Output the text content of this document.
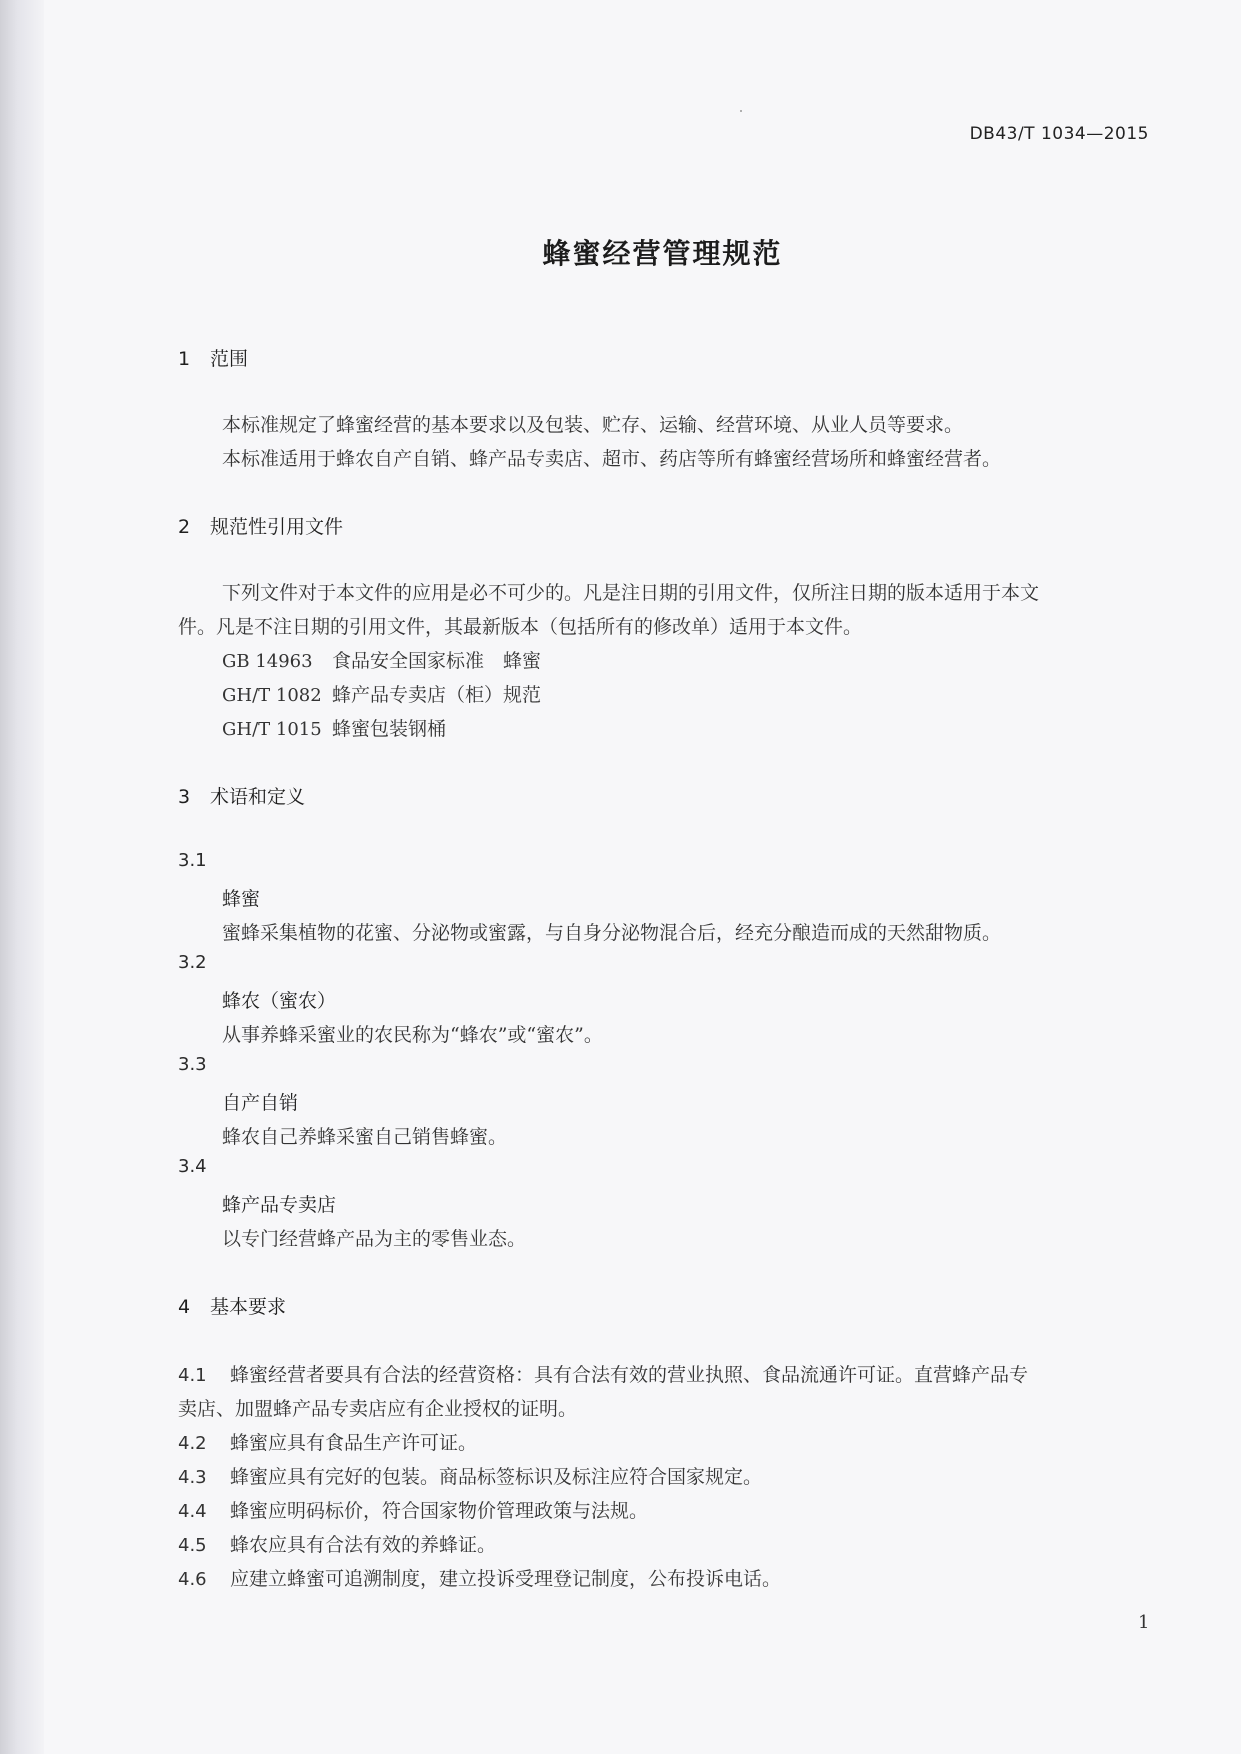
DB43/T 1034—2015
蜂蜜经营管理规范
1 范围
本标准规定了蜂蜜经营的基本要求以及包装、贮存、运输、经营环境、从业人员等要求。
本标准适用于蜂农自产自销、蜂产品专卖店、超市、药店等所有蜂蜜经营场所和蜂蜜经营者。
2 规范性引用文件
下列文件对于本文件的应用是必不可少的。凡是注日期的引用文件，仅所注日期的版本适用于本文
件。凡是不注日期的引用文件，其最新版本（包括所有的修改单）适用于本文件。
GB 14963 食品安全国家标准　蜂蜜
GH/T 1082 蜂产品专卖店（柜）规范
GH/T 1015 蜂蜜包装钢桶
3 术语和定义
3.1
蜂蜜
蜜蜂采集植物的花蜜、分泌物或蜜露，与自身分泌物混合后，经充分酿造而成的天然甜物质。
3.2
蜂农（蜜农）
从事养蜂采蜜业的农民称为“蜂农”或“蜜农”。
3.3
自产自销
蜂农自己养蜂采蜜自己销售蜂蜜。
3.4
蜂产品专卖店
以专门经营蜂产品为主的零售业态。
4 基本要求
4.1 蜂蜜经营者要具有合法的经营资格：具有合法有效的营业执照、食品流通许可证。直营蜂产品专
卖店、加盟蜂产品专卖店应有企业授权的证明。
4.2 蜂蜜应具有食品生产许可证。
4.3 蜂蜜应具有完好的包装。商品标签标识及标注应符合国家规定。
4.4 蜂蜜应明码标价，符合国家物价管理政策与法规。
4.5 蜂农应具有合法有效的养蜂证。
4.6 应建立蜂蜜可追溯制度，建立投诉受理登记制度，公布投诉电话。
1
